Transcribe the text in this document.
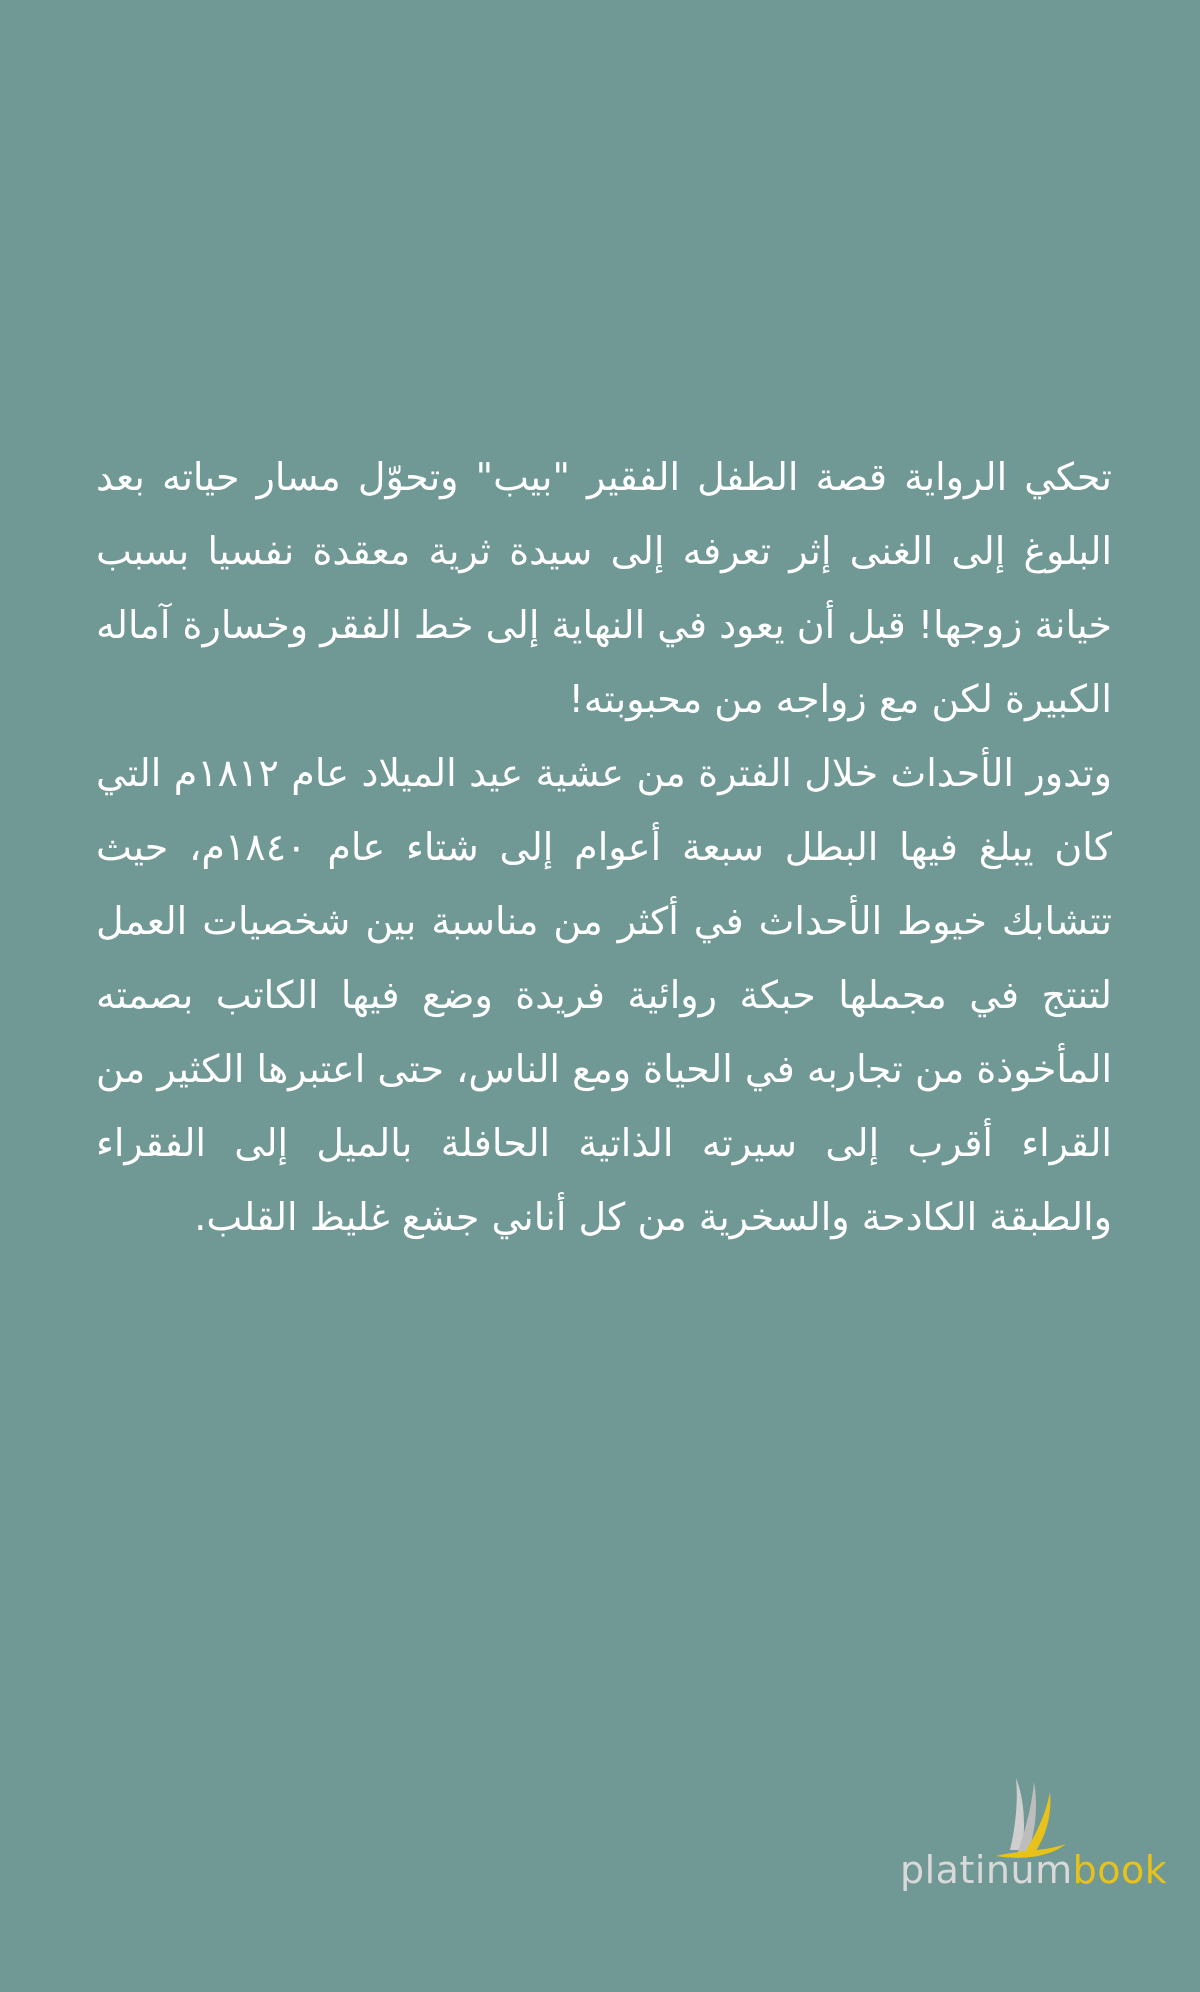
تحكي الرواية قصة الطفل الفقير "بيب" وتحوّل مسار حياته بعد البلوغ إلى الغنى إثر تعرفه إلى سيدة ثرية معقدة نفسيا بسبب خيانة زوجها! قبل أن يعود في النهاية إلى خط الفقر وخسارة آماله الكبيرة لكن مع زواجه من محبوبته!

وتدور الأحداث خلال الفترة من عشية عيد الميلاد عام ١٨١٢م التي كان يبلغ فيها البطل سبعة أعوام إلى شتاء عام ١٨٤٠م، حيث تتشابك خيوط الأحداث في أكثر من مناسبة بين شخصيات العمل لتنتج في مجملها حبكة روائية فريدة وضع فيها الكاتب بصمته المأخوذة من تجاربه في الحياة ومع الناس، حتى اعتبرها الكثير من القراء أقرب إلى سيرته الذاتية الحافلة بالميل إلى الفقراء والطبقة الكادحة والسخرية من كل أناني جشع غليظ القلب.

platinumbook
